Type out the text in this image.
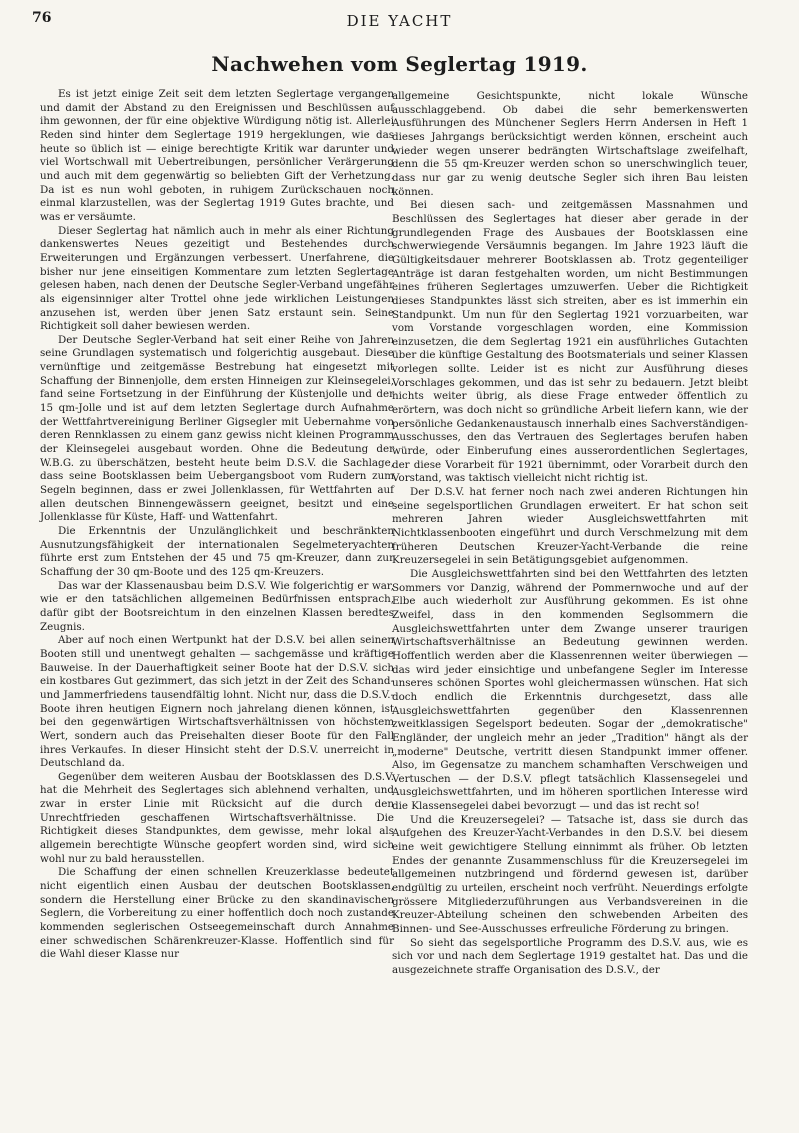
76	DIE YACHT
Nachwehen vom Seglertag 1919.

Es ist jetzt einige Zeit seit dem letzten Seglertage vergangen und damit der Abstand zu den Ereignissen und Beschlüssen auf ihm gewonnen, der für eine objektive Würdigung nötig ist. Allerlei Reden sind hinter dem Seglertage 1919 hergeklungen, wie das heute so üblich ist — einige berechtigte Kritik war darunter und viel Wortschwall mit Uebertreibungen, persönlicher Verärgerung und auch mit dem gegenwärtig so beliebten Gift der Verhetzung. Da ist es nun wohl geboten, in ruhigem Zurückschauen noch einmal klarzustellen, was der Seglertag 1919 Gutes brachte, und was er versäumte.

Dieser Seglertag hat nämlich auch in mehr als einer Richtung dankenswertes Neues gezeitigt und Bestehendes durch Erweiterungen und Ergänzungen verbessert. Unerfahrene, die bisher nur jene einseitigen Kommentare zum letzten Seglertage gelesen haben, nach denen der Deutsche Segler-Verband ungefähr als eigensinniger alter Trottel ohne jede wirklichen Leistungen anzusehen ist, werden über jenen Satz erstaunt sein. Seine Richtigkeit soll daher bewiesen werden.

Der Deutsche Segler-Verband hat seit einer Reihe von Jahren seine Grundlagen systematisch und folgerichtig ausgebaut. Diese vernünftige und zeitgemässe Bestrebung hat eingesetzt mit Schaffung der Binnenjolle, dem ersten Hinneigen zur Kleinsegelei, fand seine Fortsetzung in der Einführung der Küstenjolle und der 15 qm-Jolle und ist auf dem letzten Seglertage durch Aufnahme der Wettfahrtvereinigung Berliner Gigsegler mit Uebernahme von deren Rennklassen zu einem ganz gewiss nicht kleinen Programm der Kleinsegelei ausgebaut worden. Ohne die Bedeutung der W.B.G. zu überschätzen, besteht heute beim D.S.V. die Sachlage, dass seine Bootsklassen beim Uebergangsboot vom Rudern zum Segeln beginnen, dass er zwei Jollenklassen, für Wettfahrten auf allen deutschen Binnengewässern geeignet, besitzt und eine Jollenklasse für Küste, Haff- und Wattenfahrt.

Die Erkenntnis der Unzulänglichkeit und beschränkten Ausnutzungsfähigkeit der internationalen Segelmeteryachten führte erst zum Entstehen der 45 und 75 qm-Kreuzer, dann zur Schaffung der 30 qm-Boote und des 125 qm-Kreuzers.

Das war der Klassenausbau beim D.S.V. Wie folgerichtig er war, wie er den tatsächlichen allgemeinen Bedürfnissen entsprach, dafür gibt der Bootsreichtum in den einzelnen Klassen beredtes Zeugnis.

Aber auf noch einen Wertpunkt hat der D.S.V. bei allen seinen Booten still und unentwegt gehalten — sachgemässe und kräftige Bauweise. In der Dauerhaftigkeit seiner Boote hat der D.S.V. sich ein kostbares Gut gezimmert, das sich jetzt in der Zeit des Schand- und Jammerfriedens tausendfältig lohnt. Nicht nur, dass die D.S.V.-Boote ihren heutigen Eignern noch jahrelang dienen können, ist bei den gegenwärtigen Wirtschaftsverhältnissen von höchstem Wert, sondern auch das Preisehalten dieser Boote für den Fall ihres Verkaufes. In dieser Hinsicht steht der D.S.V. unerreicht in Deutschland da.

Gegenüber dem weiteren Ausbau der Bootsklassen des D.S.V. hat die Mehrheit des Seglertages sich ablehnend verhalten, und zwar in erster Linie mit Rücksicht auf die durch den Unrechtfrieden geschaffenen Wirtschaftsverhältnisse. Die Richtigkeit dieses Standpunktes, dem gewisse, mehr lokal als allgemein berechtigte Wünsche geopfert worden sind, wird sich wohl nur zu bald herausstellen.

Die Schaffung der einen schnellen Kreuzerklasse bedeutet nicht eigentlich einen Ausbau der deutschen Bootsklassen, sondern die Herstellung einer Brücke zu den skandinavischen Seglern, die Vorbereitung zu einer hoffentlich doch noch zustande kommenden seglerischen Ostseegemeinschaft durch Annahme einer schwedischen Schärenkreuzer-Klasse. Hoffentlich sind für die Wahl dieser Klasse nur

allgemeine Gesichtspunkte, nicht lokale Wünsche ausschlaggebend. Ob dabei die sehr bemerkenswerten Ausführungen des Münchener Seglers Herrn Andersen in Heft 1 dieses Jahrgangs berücksichtigt werden können, erscheint auch wieder wegen unserer bedrängten Wirtschaftslage zweifelhaft, denn die 55 qm-Kreuzer werden schon so unerschwinglich teuer, dass nur gar zu wenig deutsche Segler sich ihren Bau leisten können.

Bei diesen sach- und zeitgemässen Massnahmen und Beschlüssen des Seglertages hat dieser aber gerade in der grundlegenden Frage des Ausbaues der Bootsklassen eine schwerwiegende Versäumnis begangen. Im Jahre 1923 läuft die Gültigkeitsdauer mehrerer Bootsklassen ab. Trotz gegenteiliger Anträge ist daran festgehalten worden, um nicht Bestimmungen eines früheren Seglertages umzuwerfen. Ueber die Richtigkeit dieses Standpunktes lässt sich streiten, aber es ist immerhin ein Standpunkt. Um nun für den Seglertag 1921 vorzuarbeiten, war vom Vorstande vorgeschlagen worden, eine Kommission einzusetzen, die dem Seglertag 1921 ein ausführliches Gutachten über die künftige Gestaltung des Bootsmaterials und seiner Klassen vorlegen sollte. Leider ist es nicht zur Ausführung dieses Vorschlages gekommen, und das ist sehr zu bedauern. Jetzt bleibt nichts weiter übrig, als diese Frage entweder öffentlich zu erörtern, was doch nicht so gründliche Arbeit liefern kann, wie der persönliche Gedankenaustausch innerhalb eines Sachverständigen-Ausschusses, den das Vertrauen des Seglertages berufen haben würde, oder Einberufung eines ausserordentlichen Seglertages, der diese Vorarbeit für 1921 übernimmt, oder Vorarbeit durch den Vorstand, was taktisch vielleicht nicht richtig ist.

Der D.S.V. hat ferner noch nach zwei anderen Richtungen hin seine segelsportlichen Grundlagen erweitert. Er hat schon seit mehreren Jahren wieder Ausgleichswettfahrten mit Nichtklassenbooten eingeführt und durch Verschmelzung mit dem früheren Deutschen Kreuzer-Yacht-Verbande die reine Kreuzersegelei in sein Betätigungsgebiet aufgenommen.

Die Ausgleichswettfahrten sind bei den Wettfahrten des letzten Sommers vor Danzig, während der Pommernwoche und auf der Elbe auch wiederholt zur Ausführung gekommen. Es ist ohne Zweifel, dass in den kommenden Seglsommern die Ausgleichswettfahrten unter dem Zwange unserer traurigen Wirtschaftsverhältnisse an Bedeutung gewinnen werden. Hoffentlich werden aber die Klassenrennen weiter überwiegen — das wird jeder einsichtige und unbefangene Segler im Interesse unseres schönen Sportes wohl gleichermassen wünschen. Hat sich doch endlich die Erkenntnis durchgesetzt, dass alle Ausgleichswettfahrten gegenüber den Klassenrennen zweitklassigen Segelsport bedeuten. Sogar der „demokratische" Engländer, der ungleich mehr an jeder „Tradition" hängt als der „moderne" Deutsche, vertritt diesen Standpunkt immer offener. Also, im Gegensatze zu manchem schamhaften Verschweigen und Vertuschen — der D.S.V. pflegt tatsächlich Klassensegelei und Ausgleichswettfahrten, und im höheren sportlichen Interesse wird die Klassensegelei dabei bevorzugt — und das ist recht so!

Und die Kreuzersegelei? — Tatsache ist, dass sie durch das Aufgehen des Kreuzer-Yacht-Verbandes in den D.S.V. bei diesem eine weit gewichtigere Stellung einnimmt als früher. Ob letzten Endes der genannte Zusammenschluss für die Kreuzersegelei im allgemeinen nutzbringend und fördernd gewesen ist, darüber endgültig zu urteilen, erscheint noch verfrüht. Neuerdings erfolgte grössere Mitgliederzuführungen aus Verbandsvereinen in die Kreuzer-Abteilung scheinen den schwebenden Arbeiten des Binnen- und See-Ausschusses erfreuliche Förderung zu bringen.

So sieht das segelsportliche Programm des D.S.V. aus, wie es sich vor und nach dem Seglertage 1919 gestaltet hat. Das und die ausgezeichnete straffe Organisation des D.S.V., der
